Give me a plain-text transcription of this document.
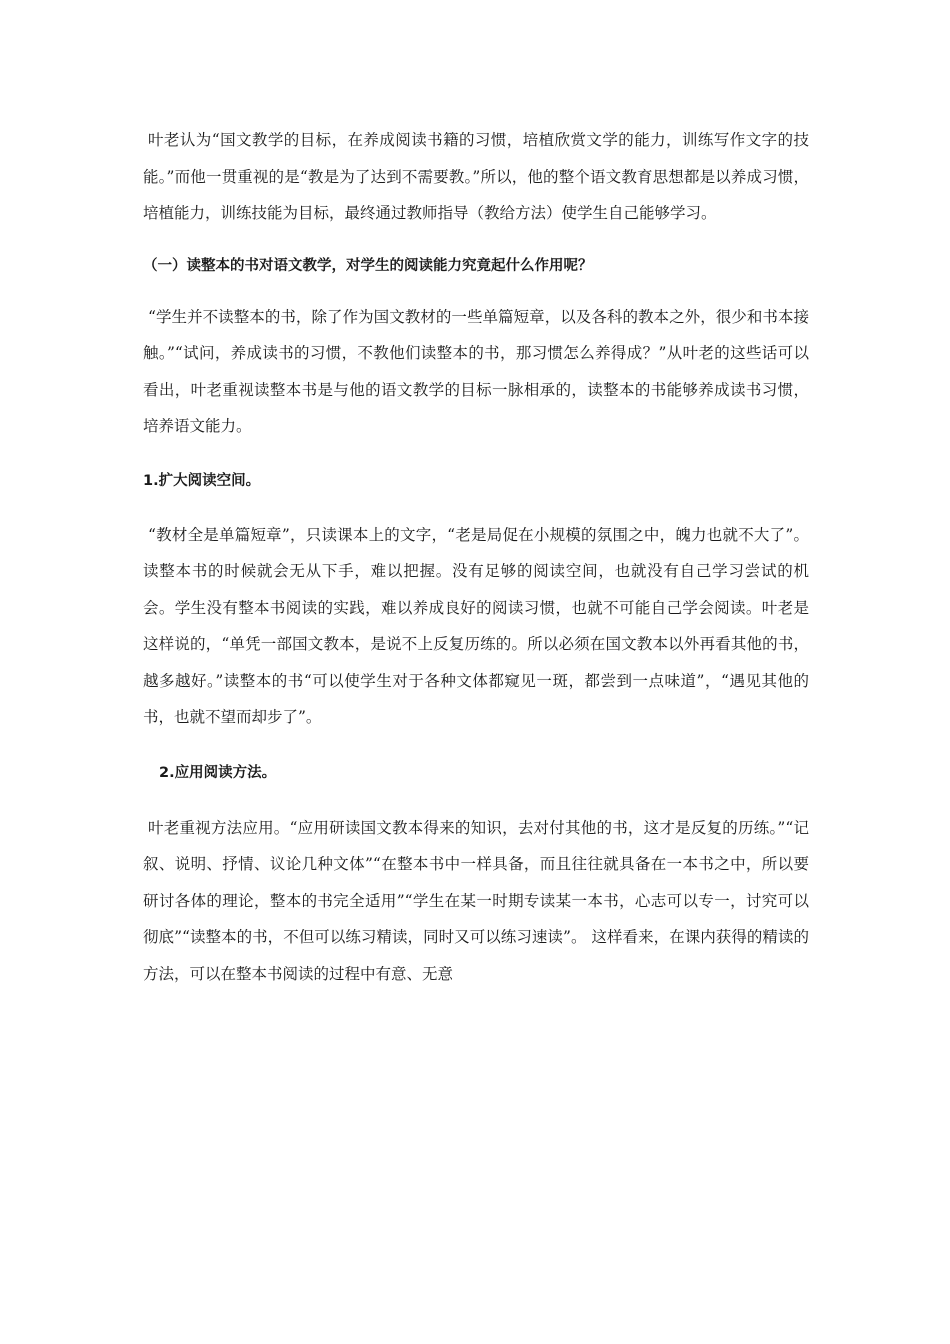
叶老认为“国文教学的目标，在养成阅读书籍的习惯，培植欣赏文学的能力，训练写作文字的技能。”而他一贯重视的是“教是为了达到不需要教。”所以，他的整个语文教育思想都是以养成习惯，培植能力，训练技能为目标，最终通过教师指导（教给方法）使学生自己能够学习。

（一）读整本的书对语文教学，对学生的阅读能力究竟起什么作用呢？

“学生并不读整本的书，除了作为国文教材的一些单篇短章，以及各科的教本之外，很少和书本接触。”“试问，养成读书的习惯，不教他们读整本的书，那习惯怎么养得成？”从叶老的这些话可以看出，叶老重视读整本书是与他的语文教学的目标一脉相承的，读整本的书能够养成读书习惯，培养语文能力。

1.扩大阅读空间。

“教材全是单篇短章”，只读课本上的文字，“老是局促在小规模的氛围之中，魄力也就不大了”。读整本书的时候就会无从下手，难以把握。没有足够的阅读空间，也就没有自己学习尝试的机会。学生没有整本书阅读的实践，难以养成良好的阅读习惯，也就不可能自己学会阅读。叶老是这样说的，“单凭一部国文教本，是说不上反复历练的。所以必须在国文教本以外再看其他的书，越多越好。”读整本的书“可以使学生对于各种文体都窥见一斑，都尝到一点味道”，“遇见其他的书，也就不望而却步了”。

2.应用阅读方法。

叶老重视方法应用。“应用研读国文教本得来的知识，去对付其他的书，这才是反复的历练。”“记叙、说明、抒情、议论几种文体”“在整本书中一样具备，而且往往就具备在一本书之中，所以要研讨各体的理论，整本的书完全适用”“学生在某一时期专读某一本书，心志可以专一，讨究可以彻底”“读整本的书，不但可以练习精读，同时又可以练习速读”。 这样看来，在课内获得的精读的方法，可以在整本书阅读的过程中有意、无意
